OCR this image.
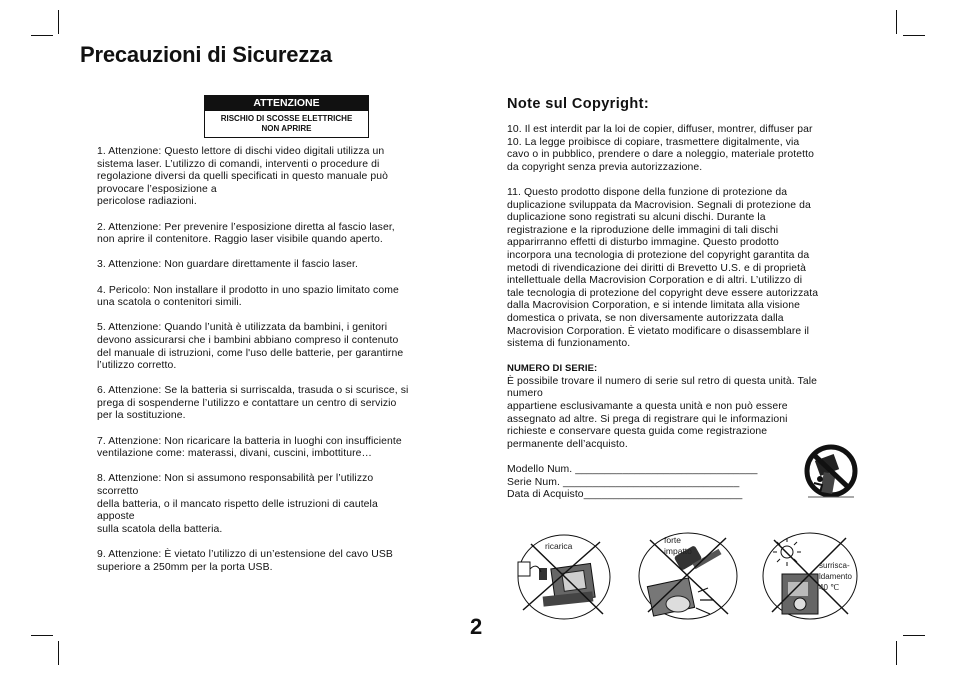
Precauzioni di Sicurezza
ATTENZIONE
RISCHIO DI SCOSSE ELETTRICHE
NON APRIRE

1. Attenzione: Questo lettore di dischi video digitali utilizza un
sistema laser. L’utilizzo di comandi, interventi o procedure di
regolazione diversi da quelli specificati in questo manuale può
provocare l’esposizione a
pericolose radiazioni.

2. Attenzione: Per prevenire l’esposizione diretta al fascio laser,
non aprire il contenitore. Raggio laser visibile quando aperto.

3. Attenzione: Non guardare direttamente il fascio laser.

4. Pericolo: Non installare il prodotto in uno spazio limitato come
una scatola o contenitori simili.

5. Attenzione: Quando l’unità è utilizzata da bambini, i genitori
devono assicurarsi che i bambini abbiano compreso il contenuto
del manuale di istruzioni, come l'uso delle batterie, per garantirne
l’utilizzo corretto.

6. Attenzione: Se la batteria si surriscalda, trasuda o si scurisce, si
prega di sospenderne l’utilizzo e contattare un centro di servizio
per la sostituzione.

7. Attenzione: Non ricaricare la batteria in luoghi con insufficiente
ventilazione come: materassi, divani, cuscini, imbottiture…

8. Attenzione: Non si assumono responsabilità per l’utilizzo
scorretto
della batteria, o il mancato rispetto delle istruzioni di cautela
apposte
sulla scatola della batteria.

9. Attenzione: È vietato l’utilizzo di un’estensione del cavo USB
superiore a 250mm per la porta USB.

Note sul Copyright:

10. Il est interdit par la loi de copier, diffuser, montrer, diffuser par
10. La legge proibisce di copiare, trasmettere digitalmente, via
cavo o in pubblico, prendere o dare a noleggio, materiale protetto
da copyright senza previa autorizzazione.

11. Questo prodotto dispone della funzione di protezione da
duplicazione sviluppata da Macrovision. Segnali di protezione da
duplicazione sono registrati su alcuni dischi. Durante la
registrazione e la riproduzione delle immagini di tali dischi
apparirranno effetti di disturbo immagine. Questo prodotto
incorpora una tecnologia di protezione del copyright garantita da
metodi di rivendicazione dei diritti di Brevetto U.S. e di proprietà
intellettuale della Macrovision Corporation e di altri. L’utilizzo di
tale tecnologia di protezione del copyright deve essere autorizzata
dalla Macrovision Corporation, e si intende limitata alla visione
domestica o privata, se non diversamente autorizzata dalla
Macrovision Corporation. È vietato modificare o disassemblare il
sistema di funzionamento.

NUMERO DI SERIE:

È possibile trovare il numero di serie sul retro di questa unità. Tale
numero
appartiene esclusivamante a questa unità e non può essere
assegnato ad altre. Si prega di registrare qui le informazioni
richieste e conservare questa guida come registrazione
permanente dell’acquisto.

Modello Num. _______________________________

Serie Num. ______________________________

Data di Acquisto___________________________

ricarica
forte
impatto
surrisca-
ldamento
40 ℃
2
